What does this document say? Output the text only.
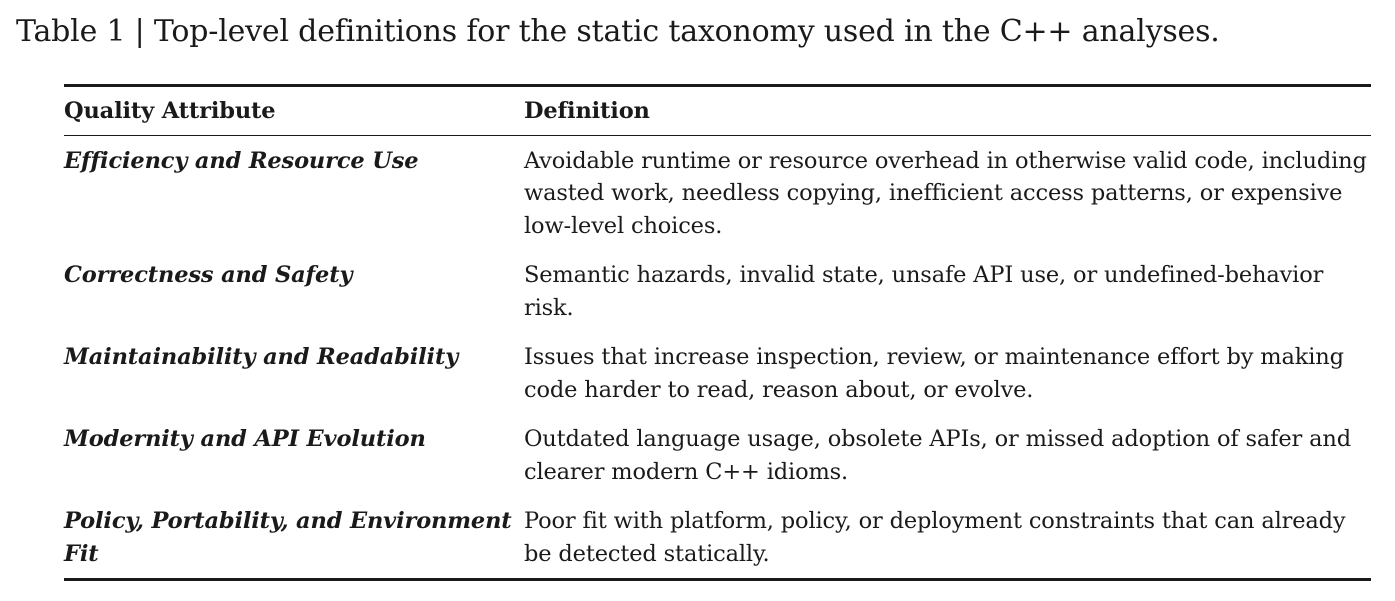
Table 1 | Top-level definitions for the static taxonomy used in the C++ analyses.
Quality Attribute	Definition
Efficiency and Resource Use	Avoidable runtime or resource overhead in otherwise valid code, including wasted work, needless copying, inefficient access patterns, or expensive low-level choices.
Correctness and Safety	Semantic hazards, invalid state, unsafe API use, or undefined-behavior risk.
Maintainability and Readability	Issues that increase inspection, review, or maintenance effort by making code harder to read, reason about, or evolve.
Modernity and API Evolution	Outdated language usage, obsolete APIs, or missed adoption of safer and clearer modern C++ idioms.
Policy, Portability, and Environment Fit	Poor fit with platform, policy, or deployment constraints that can already be detected statically.
